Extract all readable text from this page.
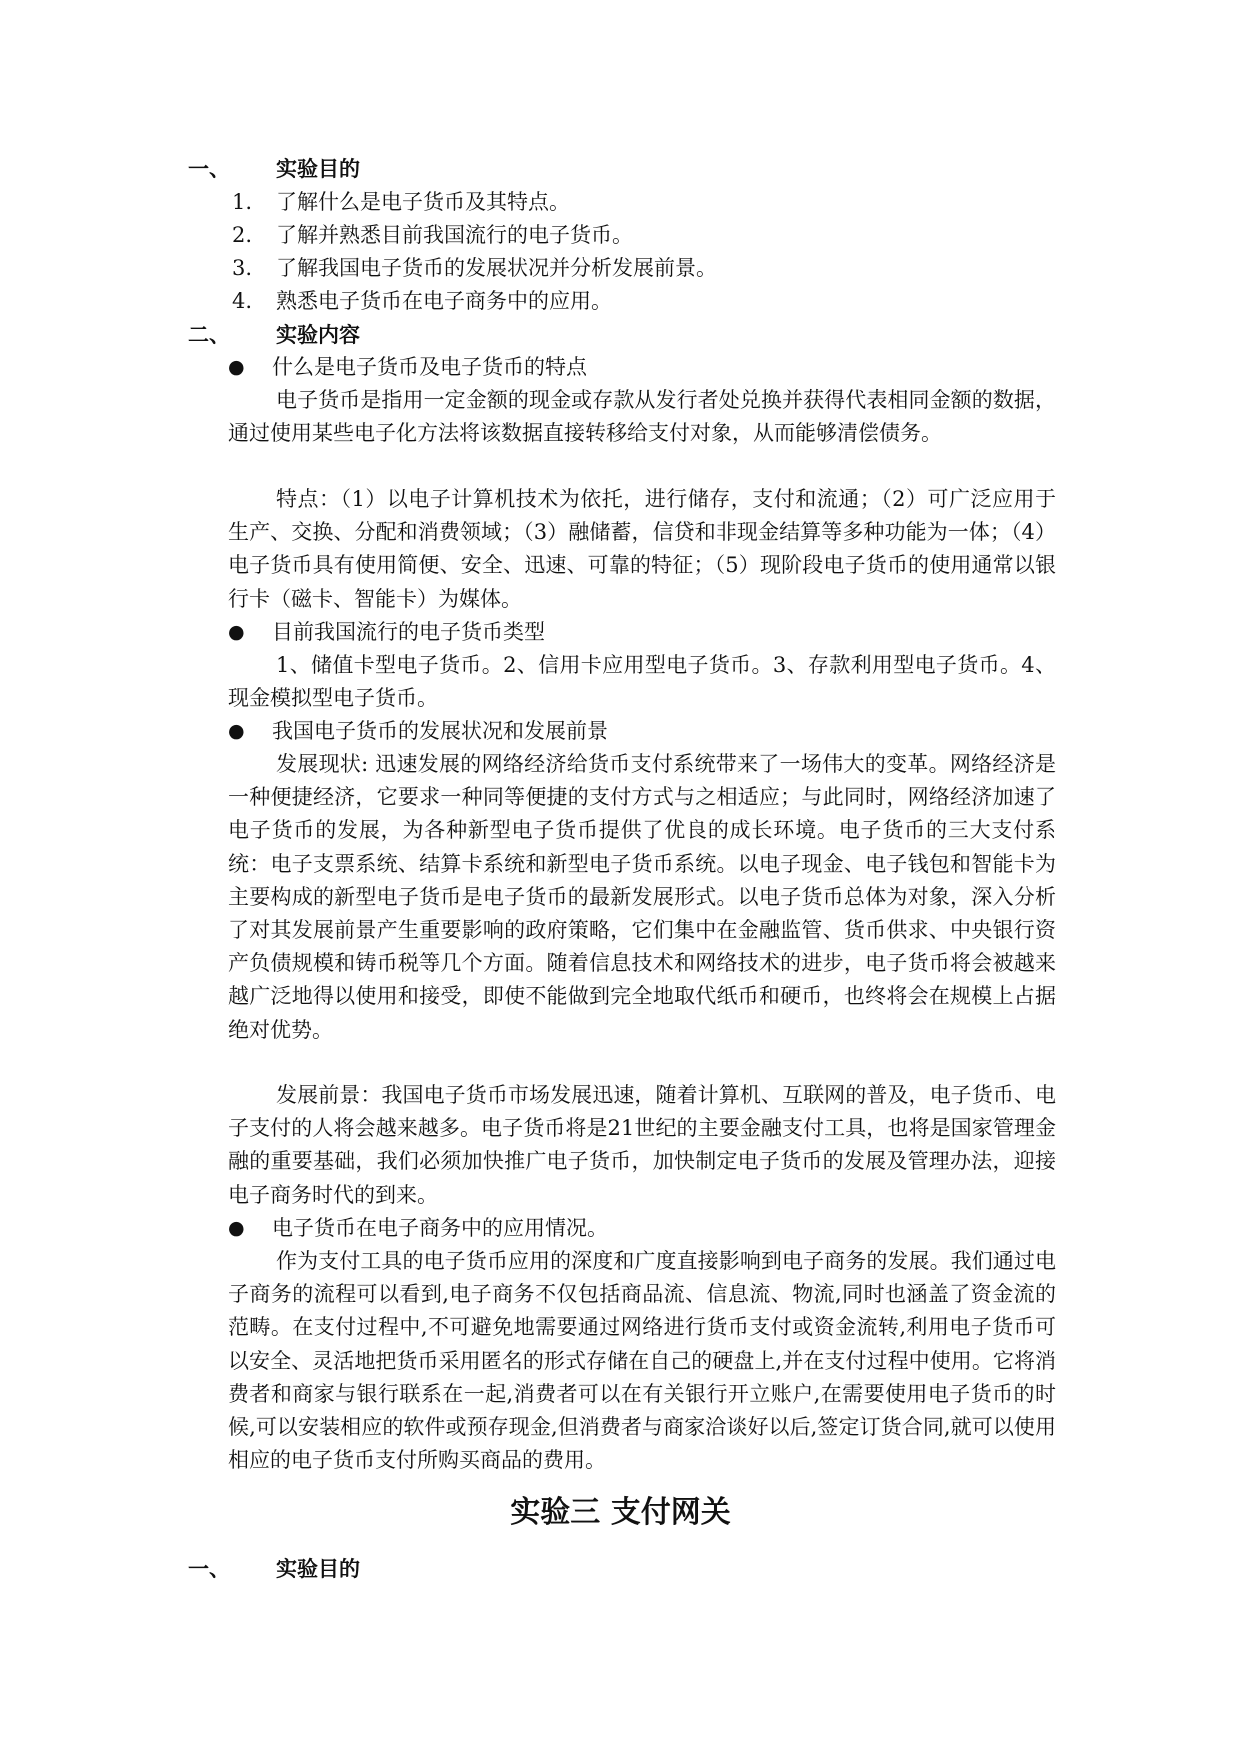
一、 实验目的
1. 了解什么是电子货币及其特点。
2. 了解并熟悉目前我国流行的电子货币。
3. 了解我国电子货币的发展状况并分析发展前景。
4. 熟悉电子货币在电子商务中的应用。
二、 实验内容
● 什么是电子货币及电子货币的特点

电子货币是指用一定金额的现金或存款从发行者处兑换并获得代表相同金额的数据，通过使用某些电子化方法将该数据直接转移给支付对象，从而能够清偿债务。

特点：（1）以电子计算机技术为依托，进行储存，支付和流通；（2）可广泛应用于生产、交换、分配和消费领域；（3）融储蓄，信贷和非现金结算等多种功能为一体；（4）电子货币具有使用简便、安全、迅速、可靠的特征；（5）现阶段电子货币的使用通常以银行卡（磁卡、智能卡）为媒体。

● 目前我国流行的电子货币类型

1、储值卡型电子货币。2、信用卡应用型电子货币。3、存款利用型电子货币。4、现金模拟型电子货币。

● 我国电子货币的发展状况和发展前景

发展现状: 迅速发展的网络经济给货币支付系统带来了一场伟大的变革。网络经济是一种便捷经济，它要求一种同等便捷的支付方式与之相适应；与此同时，网络经济加速了电子货币的发展，为各种新型电子货币提供了优良的成长环境。电子货币的三大支付系统：电子支票系统、结算卡系统和新型电子货币系统。以电子现金、电子钱包和智能卡为主要构成的新型电子货币是电子货币的最新发展形式。以电子货币总体为对象，深入分析了对其发展前景产生重要影响的政府策略，它们集中在金融监管、货币供求、中央银行资产负债规模和铸币税等几个方面。随着信息技术和网络技术的进步，电子货币将会被越来越广泛地得以使用和接受，即使不能做到完全地取代纸币和硬币，也终将会在规模上占据绝对优势。

发展前景：我国电子货币市场发展迅速，随着计算机、互联网的普及，电子货币、电子支付的人将会越来越多。电子货币将是21世纪的主要金融支付工具，也将是国家管理金融的重要基础，我们必须加快推广电子货币，加快制定电子货币的发展及管理办法，迎接电子商务时代的到来。

● 电子货币在电子商务中的应用情况。

作为支付工具的电子货币应用的深度和广度直接影响到电子商务的发展。我们通过电子商务的流程可以看到,电子商务不仅包括商品流、信息流、物流,同时也涵盖了资金流的范畴。在支付过程中,不可避免地需要通过网络进行货币支付或资金流转,利用电子货币可以安全、灵活地把货币采用匿名的形式存储在自己的硬盘上,并在支付过程中使用。它将消费者和商家与银行联系在一起,消费者可以在有关银行开立账户,在需要使用电子货币的时候,可以安装相应的软件或预存现金,但消费者与商家洽谈好以后,签定订货合同,就可以使用相应的电子货币支付所购买商品的费用。

实验三 支付网关
一、 实验目的
